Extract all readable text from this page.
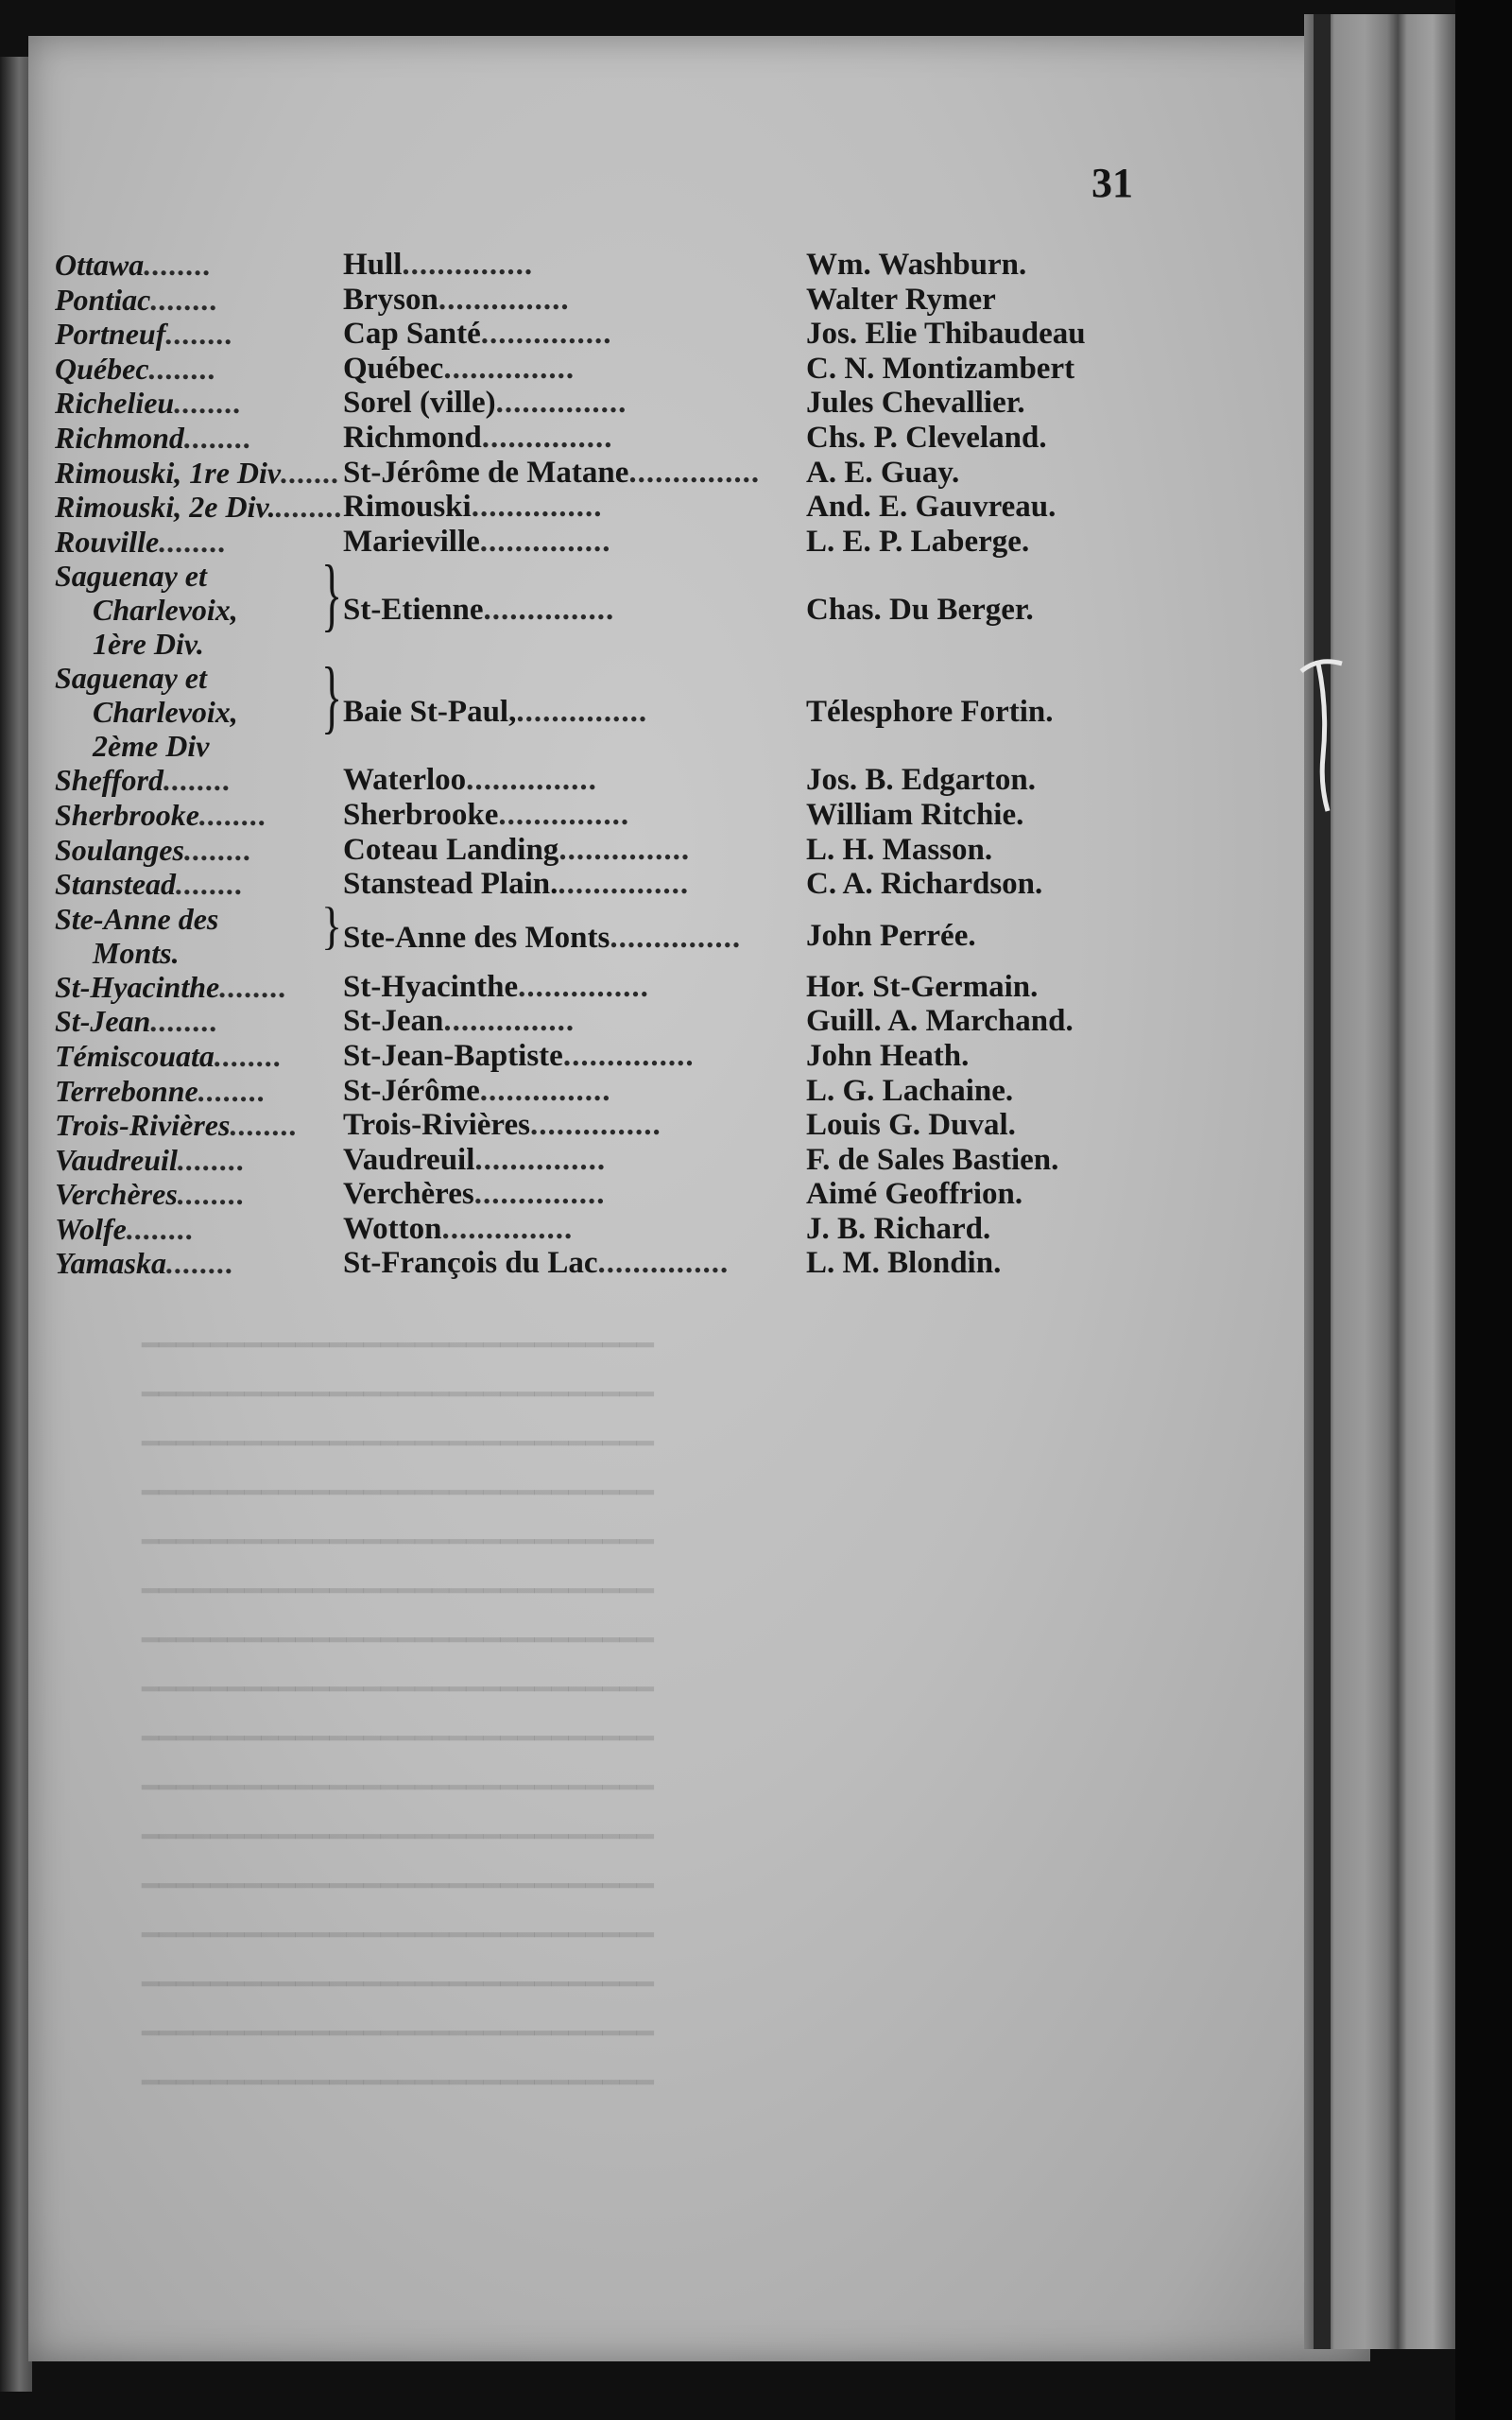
━━━━━━━━━━━━━━━━━━━━━━━━━━━━━━
━━━━━━━━━━━━━━━━━━━━━━━━━━━━━━
━━━━━━━━━━━━━━━━━━━━━━━━━━━━━━
━━━━━━━━━━━━━━━━━━━━━━━━━━━━━━
━━━━━━━━━━━━━━━━━━━━━━━━━━━━━━
━━━━━━━━━━━━━━━━━━━━━━━━━━━━━━
━━━━━━━━━━━━━━━━━━━━━━━━━━━━━━
━━━━━━━━━━━━━━━━━━━━━━━━━━━━━━
━━━━━━━━━━━━━━━━━━━━━━━━━━━━━━
━━━━━━━━━━━━━━━━━━━━━━━━━━━━━━
━━━━━━━━━━━━━━━━━━━━━━━━━━━━━━
━━━━━━━━━━━━━━━━━━━━━━━━━━━━━━
━━━━━━━━━━━━━━━━━━━━━━━━━━━━━━
━━━━━━━━━━━━━━━━━━━━━━━━━━━━━━
━━━━━━━━━━━━━━━━━━━━━━━━━━━━━━
━━━━━━━━━━━━━━━━━━━━━━━━━━━━━━
31
Ottawa ........	Hull...............	Wm. Washburn.
Pontiac ........	Bryson...............	Walter Rymer
Portneuf ........	Cap Santé...............	Jos. Elie Thibaudeau
Québec ........	Québec...............	C. N. Montizambert
Richelieu ........	Sorel (ville)...............	Jules Chevallier.
Richmond ........	Richmond...............	Chs. P. Cleveland.
Rimouski, 1re Div ....... St-Jérôme de Matane...............	A. E. Guay.
Rimouski, 2e Div. ........ Rimouski...............	And. E. Gauvreau.
Rouville ........	Marieville...............	L. E. P. Laberge.
Saguenay et
Charlevoix,
1ère Div.
} St-Etienne...............	Chas. Du Berger.
Saguenay et
Charlevoix,
2ème Div
} Baie St-Paul,...............	Télesphore Fortin.
Shefford ........	Waterloo...............	Jos. B. Edgarton.
Sherbrooke ........ Sherbrooke...............	William Ritchie.
Soulanges ........	Coteau Landing...............	L. H. Masson.
Stanstead ........	Stanstead Plain................	C. A. Richardson.
Ste-Anne des
Monts.	} Ste-Anne des Monts...............	John Perrée.
St-Hyacinthe ........ St-Hyacinthe...............	Hor. St-Germain.
St-Jean ........	St-Jean...............	Guill. A. Marchand.
Témiscouata ........ St-Jean-Baptiste...............	John Heath.
Terrebonne ........ St-Jérôme...............	L. G. Lachaine.
Trois-Rivières ........ Trois-Rivières...............	Louis G. Duval.
Vaudreuil ........	Vaudreuil...............	F. de Sales Bastien.
Verchères ........	Verchères...............	Aimé Geoffrion.
Wolfe ........	Wotton...............	J. B. Richard.
Yamaska ........	St-François du Lac...............	L. M. Blondin.
